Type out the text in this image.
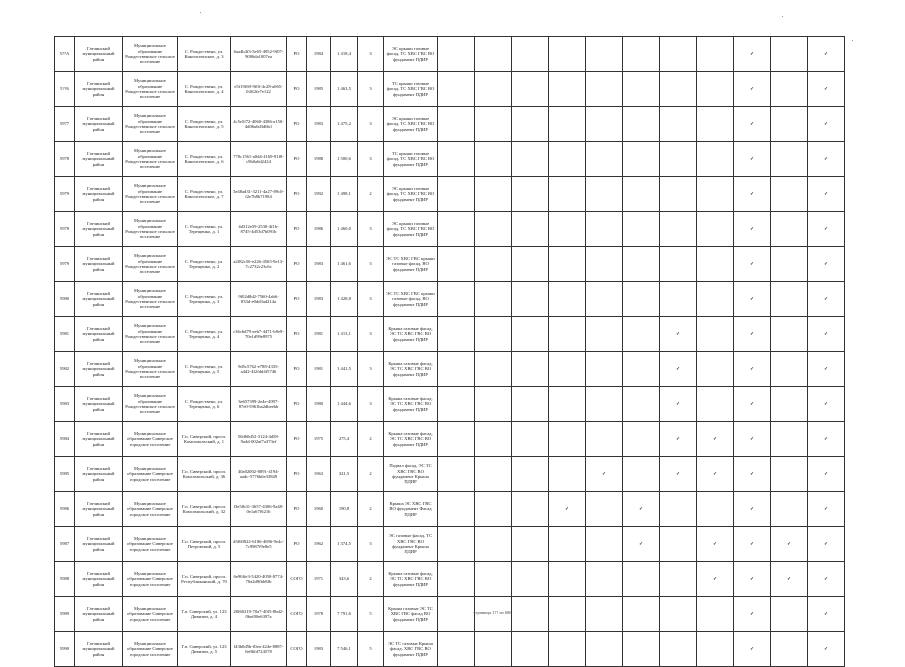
5??A	Гатчинский муниципальный район	Муниципальное образование Рождественское сельское поселение	С. Рождествено, ул. Кингисеппское, д. 3	6aa4b4f3-5e65-4952-9f07-9006da1007ea	РО	1984	1 418,4	3	ЭС крыши газовые фасад, ТС ХВС ГВС ВО фундамент ПДИР									✓		✓
5??6	Гатчинский муниципальный район	Муниципальное образование Рождественское сельское поселение	С. Рождествено, ул. Кингисеппское, д. 4	e5f19f69-9f0f-4c28-a065-04ff2fe7e122	РО	1985	1 463,5	3	ТС крыши газовые фасад, ТС ХВС ГВС ВО фундамент ПДИР									✓		✓
5977	Гатчинский муниципальный район	Муниципальное образование Рождественское сельское поселение	С. Рождествено, ул. Кингисеппское, д. 5	4c5e5f72-4060-4386-a150-4d06a6d3d6b1	РО	1983	1 475,2	3	ЭС крыши газовые фасад, ТС ХВС ГВС ВО фундамент ПДИР									✓		✓
5978	Гатчинский муниципальный район	Муниципальное образование Рождественское сельское поселение	С. Рождествено, ул. Кингисеппское, д. 6	778c1561-a0d4-4169-91f8-c9b0a6d2424	РО	1988	1 500,6	3	ТС крыши газовые фасад, ТС ХВС ГВС ВО фундамент ПДИР									✓		✓
5979	Гатчинский муниципальный район	Муниципальное образование Рождественское сельское поселение	С. Рождествено, ул. Кингисеппское, д. 7	5e48ad31-3211-4a27-89c0-f2e7b8b71984	РО	1992	1 498,1	2	ЭС крыши газовые фасад, ТС ХВС ГВС ВО фундамент ПДИР									✓		✓
5978	Гатчинский муниципальный район	Муниципальное образование Рождественское сельское поселение	С. Рождествено, ул. Терещенко, д. 1	4d312e59-2530-4f1b-8745-4d53d7b091b	РО	1986	1 460,0	3	ЭС крыши газовые фасад, ТС ХВС ГВС ВО фундамент ПДИР									✓		✓
5979	Гатчинский муниципальный район	Муниципальное образование Рождественское сельское поселение	С. Рождествено, ул. Терещенко, д. 2	a2f82c56-e226-4565-9e13-7c2732c23c6c	РО	1983	1 461,6	3	ЭС ТС ХВС ГВС крыши газовые фасад, ВО фундамент ПДИР									✓		✓
5980	Гатчинский муниципальный район	Муниципальное образование Рождественское сельское поселение	С. Рождествено, ул. Терещенко, д. 3	9f02d8d2-7560-4ab6-833d-e0dd3ad214a	РО	1983	1 428,8	3	ЭС ТС ХВС ГВС крыши газовые фасад, ВО фундамент ПДИР									✓		✓
5981	Гатчинский муниципальный район	Муниципальное образование Рождественское сельское поселение	С. Рождествено, ул. Терещенко, д. 4	c36c6d79-eeb7-4471-b9e9-70e1d99e8975	РО	1981	1 413,1	3	Крыша газовые фасад, ЭС ТС ХВС ГВС ВО фундамент ПДИР							✓		✓		✓
5982	Гатчинский муниципальный район	Муниципальное образование Рождественское сельское поселение	С. Рождествено, ул. Терещенко, д. 5	9d5c5762-e788-4335-a4d2-4f2fdd4f5746	РО	1981	1 441,5	3	Крыша газовые фасад, ЭС ТС ХВС ГВС ВО фундамент ПДИР							✓		✓		✓
5983	Гатчинский муниципальный район	Муниципальное образование Рождественское сельское поселение	С. Рождествено, ул. Терещенко, д. 6	3e657399-2e4e-4997-87e0-5961ba2dbeebb	РО	1980	1 444,6	3	Крыша газовые фасад, ЭС ТС ХВС ГВС ВО фундамент ПДИР							✓		✓		✓
5984	Гатчинский муниципальный район	Муниципальное образование Сиверское городское поселение	Г.п. Сиверский, просп. Комсомольский, д. 1	50d60d52-3124-4d58-9a4d-002af7a373ef	РО	1975	275,4	2	Крыша газовые фасад, ЭС ТС ХВС ГВС ВО фундамент ПДИР							✓	✓	✓		✓
5985	Гатчинский муниципальный район	Муниципальное образование Сиверское городское поселение	Г.п. Сиверский, просп. Комсомольский, д. 36	40a02002-8091-4194-aadc-5776b6e33849	РО	1963	321,5	2	Подвал фасад, ЭС ТС ХВС ГВС ВО фундамент Крыша ПДИР					✓		✓	✓	✓		✓
5986	Гатчинский муниципальный район	Муниципальное образование Сиверское городское поселение	Г.п. Сиверский, просп. Комсомольский, д. 32	f3e5fb31-3657-4306-9a48-0e1a67f6216	РО	1960	190,8	2	Крыша ЭС ХВС ГВС ВО фундамент Фасад ПДИР				✓		✓			✓		✓
5987	Гатчинский муниципальный район	Муниципальное образование Сиверское городское поселение	Г.п. Сиверский, просп. Петровский, д. 5	d3f60822-6186-4696-9e4c-7c9987f9e8e5	РО	1962	1 374,5	3	ЭС газовые фасад, ТС ХВС ГВС ВО фундамент Крыша ПДИР						✓		✓	✓	✓	✓
5988	Гатчинский муниципальный район	Муниципальное образование Сиверское городское поселение	Г.п. Сиверский, просп. Республиканский, д. 70	6e90ffe3-5420-4050-8774-70a2d9fbb8fb	СОГО	1971	343,6	2	Крыша газовые фасад, ЭС ТС ХВС ГВС ВО фундамент ПДИР								✓	✓	✓	✓
5989	Гатчинский муниципальный район	Муниципальное образование Сиверское городское поселение	Г.п. Сиверский, ул. 123 Дивизии, д. 4	28f60219-70a7-40f5-8bd2-0bef00e6397a	СОГО	1978	7 791,6	5	Крыша газовые ЭС ТС ХВС ГВС фасад ВО фундамент ПДИР									✓		✓
5990	Гатчинский муниципальный район	Муниципальное образование Сиверское городское поселение	Г.п. Сиверский, ул. 123 Дивизии, д. 5	f43b0d5b-f0ea-424e-8887-6e06fd724578	СОГО	1983	7 546,1	5	ЭС ТС газовые Крыша фасад, ХВС ГВС ВО фундамент ПДИР									✓		✓
страница 1?? из 686
